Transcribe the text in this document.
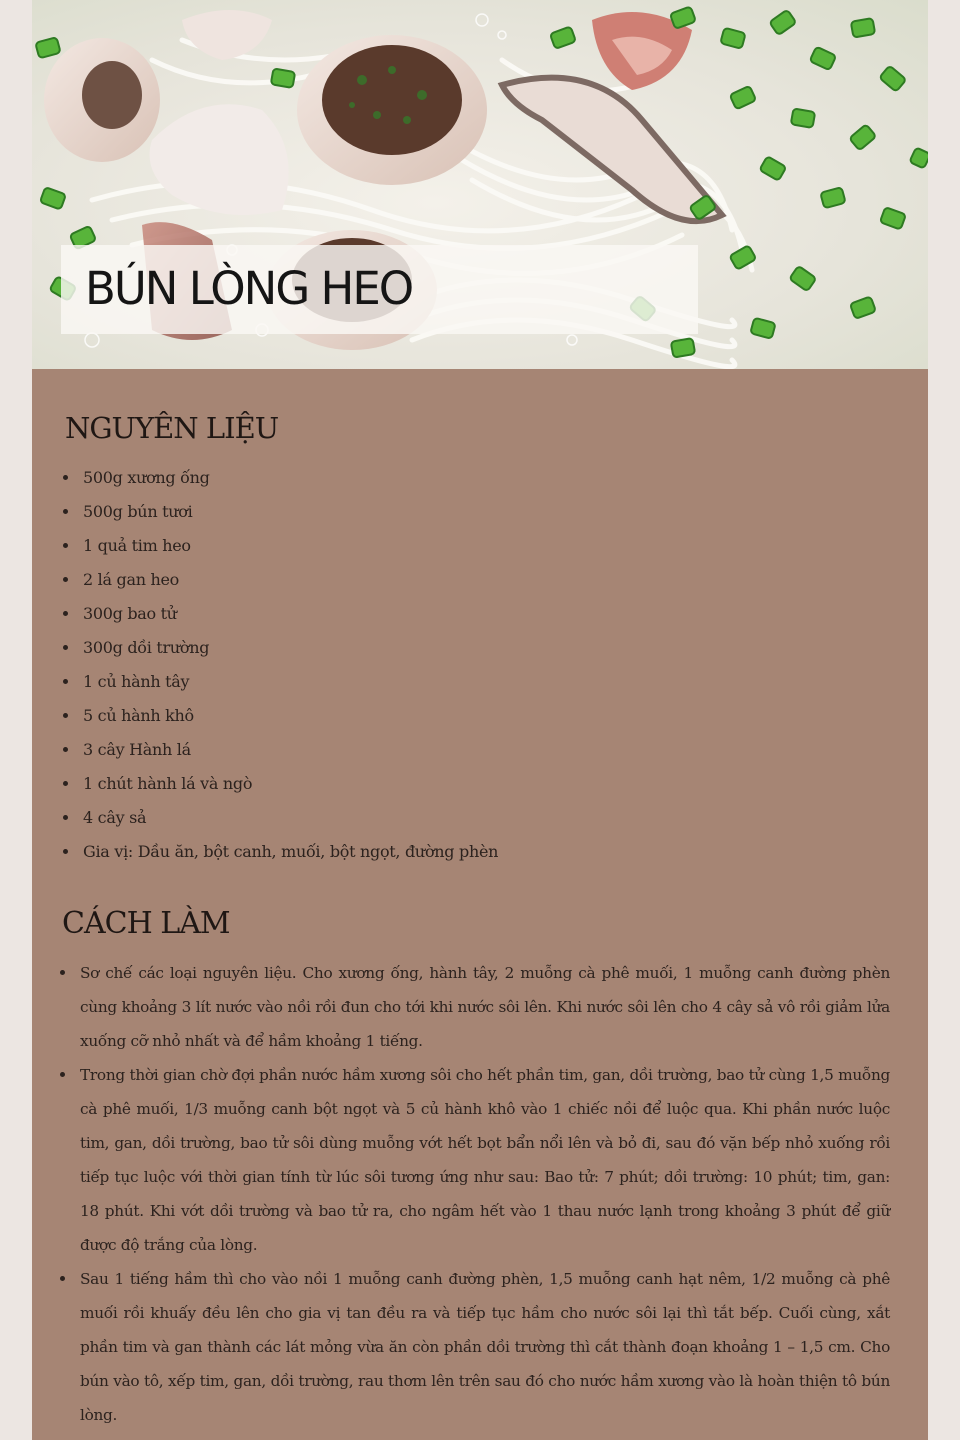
BÚN LÒNG HEO
NGUYÊN LIỆU
500g xương ống
500g bún tươi
1 quả tim heo
2 lá gan heo
300g bao tử
300g dồi trường
1 củ hành tây
5 củ hành khô
3 cây Hành lá
1 chút hành lá và ngò
4 cây sả
Gia vị: Dầu ăn, bột canh, muối, bột ngọt, đường phèn
CÁCH LÀM
Sơ chế các loại nguyên liệu. Cho xương ống, hành tây, 2 muỗng cà phê muối, 1 muỗng canh đường phèn cùng khoảng 3 lít nước vào nồi rồi đun cho tới khi nước sôi lên. Khi nước sôi lên cho 4 cây sả vô rồi giảm lửa xuống cỡ nhỏ nhất và để hầm khoảng 1 tiếng.
Trong thời gian chờ đợi phần nước hầm xương sôi cho hết phần tim, gan, dồi trường, bao tử cùng 1,5 muỗng cà phê muối, 1/3 muỗng canh bột ngọt và 5 củ hành khô vào 1 chiếc nồi để luộc qua. Khi phần nước luộc tim, gan, dồi trường, bao tử sôi dùng muỗng vớt hết bọt bẩn nổi lên và bỏ đi, sau đó vặn bếp nhỏ xuống rồi tiếp tục luộc với thời gian tính từ lúc sôi tương ứng như sau: Bao tử: 7 phút; dồi trường: 10 phút; tim, gan: 18 phút. Khi vớt dồi trường và bao tử ra, cho ngâm hết vào 1 thau nước lạnh trong khoảng 3 phút để giữ được độ trắng của lòng.
Sau 1 tiếng hầm thì cho vào nồi 1 muỗng canh đường phèn, 1,5 muỗng canh hạt nêm, 1/2 muỗng cà phê muối rồi khuấy đều lên cho gia vị tan đều ra và tiếp tục hầm cho nước sôi lại thì tắt bếp. Cuối cùng, xắt phần tim và gan thành các lát mỏng vừa ăn còn phần dồi trường thì cắt thành đoạn khoảng 1 – 1,5 cm. Cho bún vào tô, xếp tim, gan, dồi trường, rau thơm lên trên sau đó cho nước hầm xương vào là hoàn thiện tô bún lòng.
